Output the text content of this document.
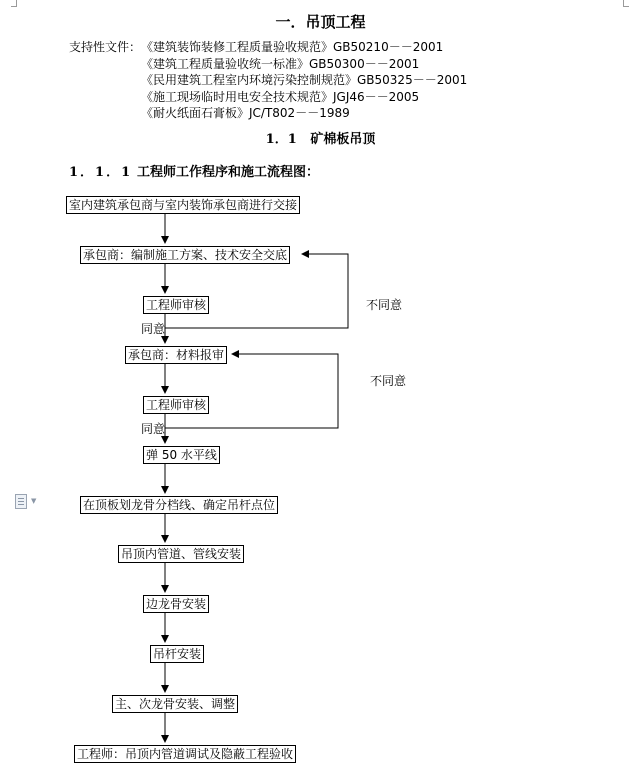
一．吊顶工程
支持性文件： 《建筑装饰装修工程质量验收规范》GB50210－－2001
《建筑工程质量验收统一标准》GB50300－－2001
《民用建筑工程室内环境污染控制规范》GB50325－－2001
《施工现场临时用电安全技术规范》JGJ46－－2005
《耐火纸面石膏板》JC/T802－－1989
1．1 矿棉板吊顶
1．1．1 工程师工作程序和施工流程图：
室内建筑承包商与室内装饰承包商进行交接
承包商：编制施工方案、技术安全交底
工程师审核
承包商：材料报审
工程师审核
弹 50 水平线
在顶板划龙骨分档线、确定吊杆点位
吊顶内管道、管线安装
边龙骨安装
吊杆安装
主、次龙骨安装、调整
工程师：吊顶内管道调试及隐蔽工程验收
同意
不同意
同意
不同意
▼
